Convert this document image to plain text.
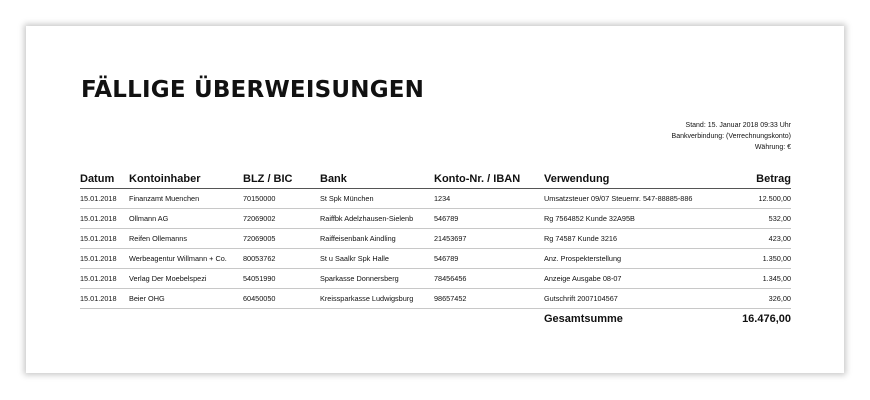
FÄLLIGE ÜBERWEISUNGEN
Stand: 15. Januar 2018 09:33 Uhr
Bankverbindung: (Verrechnungskonto)
Währung: €
Datum	Kontoinhaber	BLZ / BIC	Bank	Konto-Nr. / IBAN	Verwendung	Betrag
15.01.2018	Finanzamt Muenchen	70150000	St Spk München	1234	Umsatzsteuer 09/07 Steuernr. 547-88885-886	12.500,00
15.01.2018	Ollmann AG	72069002	Raiffbk Adelzhausen-Sielenb	546789	Rg 7564852 Kunde 32A95B	532,00
15.01.2018	Reifen Ollemanns	72069005	Raiffeisenbank Aindling	21453697	Rg 74587 Kunde 3216	423,00
15.01.2018	Werbeagentur Willmann + Co.	80053762	St u Saalkr Spk Halle	546789	Anz. Prospekterstellung	1.350,00
15.01.2018	Verlag Der Moebelspezi	54051990	Sparkasse Donnersberg	78456456	Anzeige Ausgabe 08-07	1.345,00
15.01.2018	Beier OHG	60450050	Kreissparkasse Ludwigsburg	98657452	Gutschrift 2007104567	326,00
					Gesamtsumme	16.476,00
